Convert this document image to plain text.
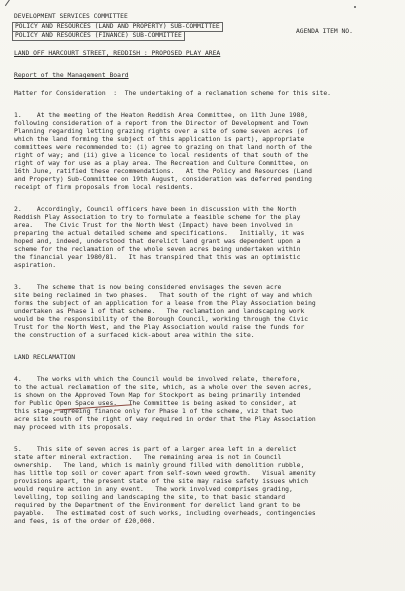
DEVELOPMENT SERVICES COMMITTEE
POLICY AND RESOURCES (LAND AND PROPERTY) SUB-COMMITTEE
POLICY AND RESOURCES (FINANCE) SUB-COMMITTEE
AGENDA ITEM NO.
LAND OFF HARCOURT STREET, REDDISH : PROPOSED PLAY AREA
Report of the Management Board
Matter for Consideration  :  The undertaking of a reclamation scheme for this site.
1.    At the meeting of the Heaton Reddish Area Committee, on 11th June 1980,
following consideration of a report from the Director of Development and Town
Planning regarding letting grazing rights over a site of some seven acres (of
which the land forming the subject of this application is part), appropriate
committees were recommended to: (i) agree to grazing on that land north of the
right of way; and (ii) give a licence to local residents of that south of the
right of way for use as a play area. The Recreation and Culture Committee, on
16th June, ratified these recommendations.   At the Policy and Resources (Land
and Property) Sub-Committee on 19th August, consideration was deferred pending
receipt of firm proposals from local residents.
2.    Accordingly, Council officers have been in discussion with the North
Reddish Play Association to try to formulate a feasible scheme for the play
area.   The Civic Trust for the North West (Impact) have been involved in
preparing the actual detailed scheme and specifications.   Initially, it was
hoped and, indeed, understood that derelict land grant was dependent upon a
scheme for the reclamation of the whole seven acres being undertaken within
the financial year 1980/81.   It has transpired that this was an optimistic
aspiration.
3.    The scheme that is now being considered envisages the seven acre
site being reclaimed in two phases.   That south of the right of way and which
forms the subject of an application for a lease from the Play Association being
undertaken as Phase 1 of that scheme.   The reclamation and landscaping work
would be the responsibility of the Borough Council, working through the Civic
Trust for the North West, and the Play Association would raise the funds for
the construction of a surfaced kick-about area within the site.
LAND RECLAMATION
4.    The works with which the Council would be involved relate, therefore,
to the actual reclamation of the site, which, as a whole over the seven acres,
is shown on the Approved Town Map for Stockport as being primarily intended
for Public Open Space uses.   The Committee is being asked to consider, at
this stage, agreeing finance only for Phase 1 of the scheme, viz that two
acre site south of the right of way required in order that the Play Association
may proceed with its proposals.
5.    This site of seven acres is part of a larger area left in a derelict
state after mineral extraction.   The remaining area is not in Council
ownership.   The land, which is mainly ground filled with demolition rubble,
has little top soil or cover apart from self-sown weed growth.   Visual amenity
provisions apart, the present state of the site may raise safety issues which
would require action in any event.   The work involved comprises grading,
levelling, top soiling and landscaping the site, to that basic standard
required by the Department of the Environment for derelict land grant to be
payable.   The estimated cost of such works, including overheads, contingencies
and fees, is of the order of £20,000.
